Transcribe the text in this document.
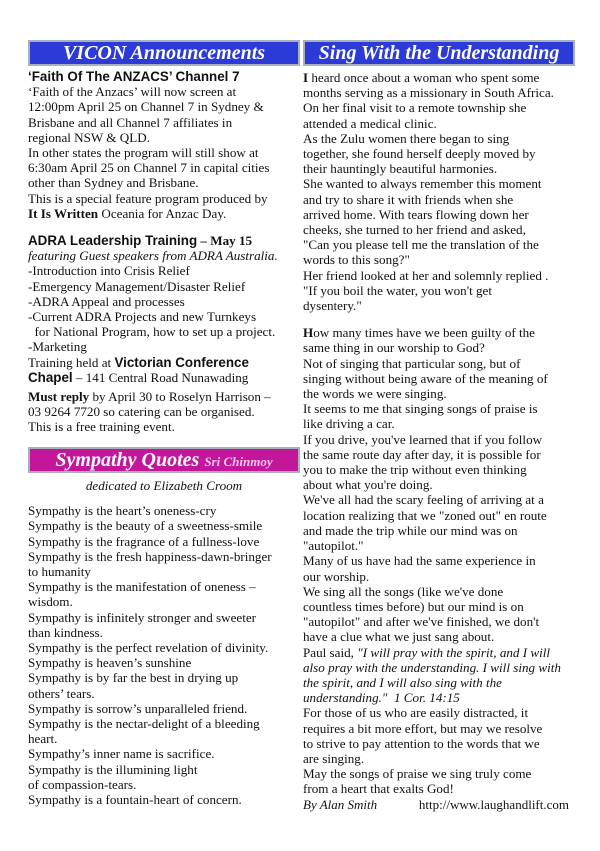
VICON Announcements

‘Faith Of The ANZACS’ Channel 7

‘Faith of the Anzacs’ will now screen at

12:00pm April 25 on Channel 7 in Sydney &

Brisbane and all Channel 7 affiliates in

regional NSW & QLD.

In other states the program will still show at

6:30am April 25 on Channel 7 in capital cities

other than Sydney and Brisbane.

This is a special feature program produced by

It Is Written Oceania for Anzac Day.

ADRA Leadership Training – May 15

featuring Guest speakers from ADRA Australia.

-Introduction into Crisis Relief

-Emergency Management/Disaster Relief

-ADRA Appeal and processes

-Current ADRA Projects and new Turnkeys

for National Program, how to set up a project.

-Marketing

Training held at Victorian Conference

Chapel – 141 Central Road Nunawading

Must reply by April 30 to Roselyn Harrison –

03 9264 7720 so catering can be organised.

This is a free training event.

Sympathy Quotes Sri Chinmoy

dedicated to Elizabeth Croom

Sympathy is the heart’s oneness-cry

Sympathy is the beauty of a sweetness-smile

Sympathy is the fragrance of a fullness-love

Sympathy is the fresh happiness-dawn-bringer

to humanity

Sympathy is the manifestation of oneness –

wisdom.

Sympathy is infinitely stronger and sweeter

than kindness.

Sympathy is the perfect revelation of divinity.

Sympathy is heaven’s sunshine

Sympathy is by far the best in drying up

others’ tears.

Sympathy is sorrow’s unparalleled friend.

Sympathy is the nectar-delight of a bleeding

heart.

Sympathy’s inner name is sacrifice.

Sympathy is the illumining light

of compassion-tears.

Sympathy is a fountain-heart of concern.

Sing With the Understanding

I heard once about a woman who spent some

months serving as a missionary in South Africa.

On her final visit to a remote township she

attended a medical clinic.

As the Zulu women there began to sing

together, she found herself deeply moved by

their hauntingly beautiful harmonies.

She wanted to always remember this moment

and try to share it with friends when she

arrived home. With tears flowing down her

cheeks, she turned to her friend and asked,

"Can you please tell me the translation of the

words to this song?"

Her friend looked at her and solemnly replied .

"If you boil the water, you won't get

dysentery."

How many times have we been guilty of the

same thing in our worship to God?

Not of singing that particular song, but of

singing without being aware of the meaning of

the words we were singing.

It seems to me that singing songs of praise is

like driving a car.

If you drive, you've learned that if you follow

the same route day after day, it is possible for

you to make the trip without even thinking

about what you're doing.

We've all had the scary feeling of arriving at a

location realizing that we "zoned out" en route

and made the trip while our mind was on

"autopilot."

Many of us have had the same experience in

our worship.

We sing all the songs (like we've done

countless times before) but our mind is on

"autopilot" and after we've finished, we don't

have a clue what we just sang about.

Paul said, "I will pray with the spirit, and I will

also pray with the understanding. I will sing with

the spirit, and I will also sing with the

understanding."  1 Cor. 14:15

For those of us who are easily distracted, it

requires a bit more effort, but may we resolve

to strive to pay attention to the words that we

are singing.

May the songs of praise we sing truly come

from a heart that exalts God!

By Alan Smith	http://www.laughandlift.com
